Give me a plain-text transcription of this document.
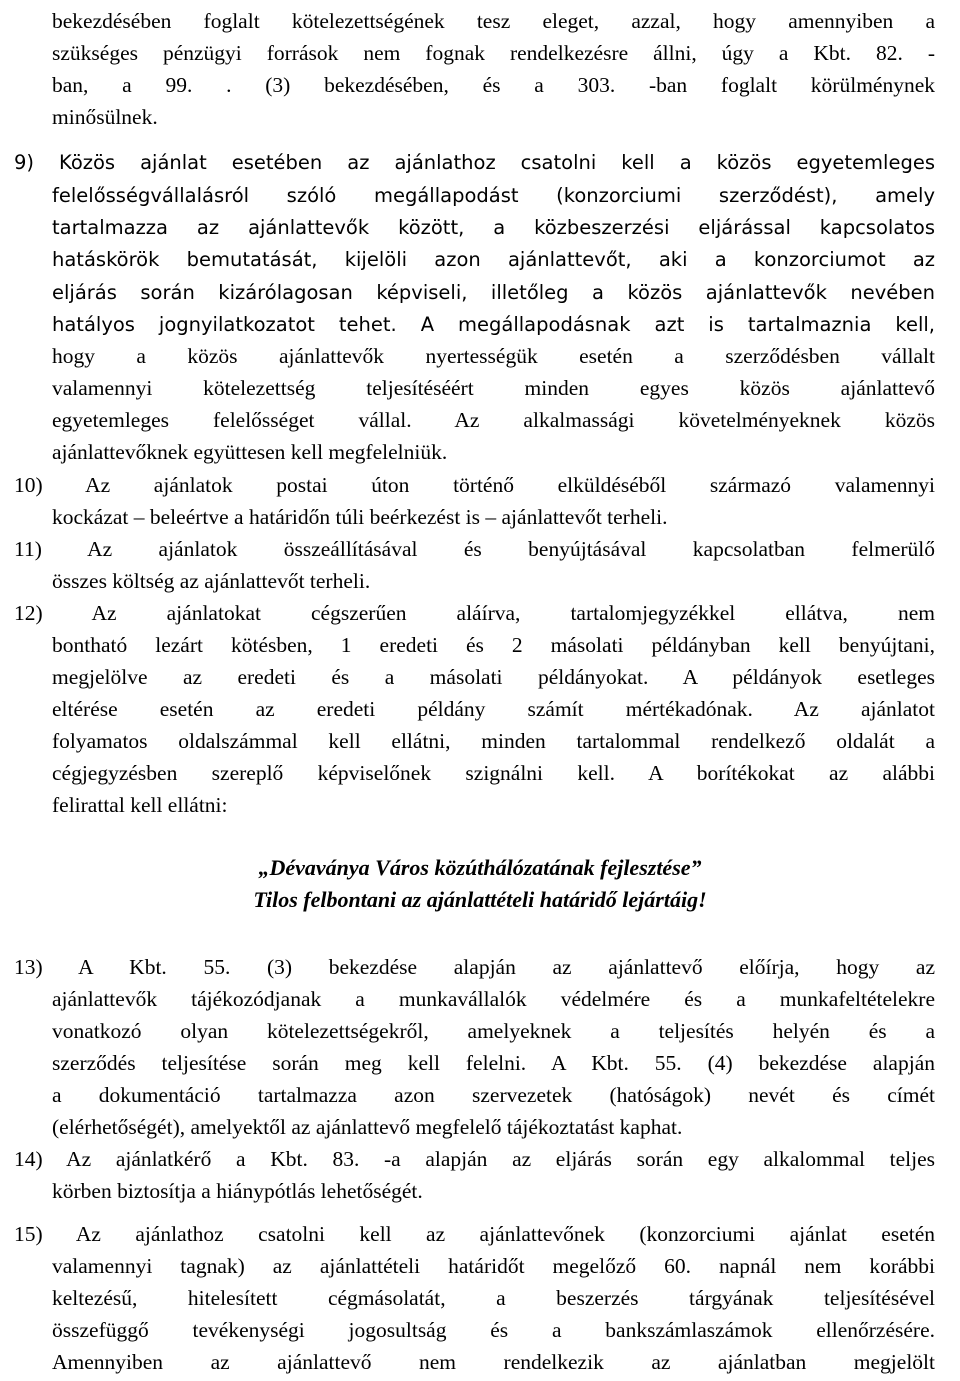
bekezdésében foglalt kötelezettségének tesz eleget, azzal, hogy amennyiben a

szükséges pénzügyi források nem fognak rendelkezésre állni, úgy a Kbt. 82. -

ban, a 99. . (3) bekezdésében, és a 303. -ban foglalt körülménynek

minősülnek.

9) Közös ajánlat esetében az ajánlathoz csatolni kell a közös egyetemleges

felelősségvállalásról szóló megállapodást (konzorciumi szerződést), amely

tartalmazza az ajánlattevők között, a közbeszerzési eljárással kapcsolatos

hatáskörök bemutatását, kijelöli azon ajánlattevőt, aki a konzorciumot az

eljárás során kizárólagosan képviseli, illetőleg a közös ajánlattevők nevében

hatályos jognyilatkozatot tehet. A megállapodásnak azt is tartalmaznia kell,

hogy a közös ajánlattevők nyertességük esetén a szerződésben vállalt

valamennyi kötelezettség teljesítéséért minden egyes közös ajánlattevő

egyetemleges felelősséget vállal. Az alkalmassági követelményeknek közös

ajánlattevőknek együttesen kell megfelelniük.

10) Az ajánlatok postai úton történő elküldéséből származó valamennyi

kockázat – beleértve a határidőn túli beérkezést is – ajánlattevőt terheli.

11) Az ajánlatok összeállításával és benyújtásával kapcsolatban felmerülő

összes költség az ajánlattevőt terheli.

12) Az ajánlatokat cégszerűen aláírva, tartalomjegyzékkel ellátva, nem

bontható lezárt kötésben, 1 eredeti és 2 másolati példányban kell benyújtani,

megjelölve az eredeti és a másolati példányokat. A példányok esetleges

eltérése esetén az eredeti példány számít mértékadónak. Az ajánlatot

folyamatos oldalszámmal kell ellátni, minden tartalommal rendelkező oldalát a

cégjegyzésben szereplő képviselőnek szignálni kell. A borítékokat az alábbi

felirattal kell ellátni:

„Dévaványa Város közúthálózatának fejlesztése”

Tilos felbontani az ajánlattételi határidő lejártáig!

13) A Kbt. 55. (3) bekezdése alapján az ajánlattevő előírja, hogy az

ajánlattevők tájékozódjanak a munkavállalók védelmére és a munkafeltételekre

vonatkozó olyan kötelezettségekről, amelyeknek a teljesítés helyén és a

szerződés teljesítése során meg kell felelni. A Kbt. 55. (4) bekezdése alapján

a dokumentáció tartalmazza azon szervezetek (hatóságok) nevét és címét

(elérhetőségét), amelyektől az ajánlattevő megfelelő tájékoztatást kaphat.

14) Az ajánlatkérő a Kbt. 83. -a alapján az eljárás során egy alkalommal teljes

körben biztosítja a hiánypótlás lehetőségét.

15) Az ajánlathoz csatolni kell az ajánlattevőnek (konzorciumi ajánlat esetén

valamennyi tagnak) az ajánlattételi határidőt megelőző 60. napnál nem korábbi

keltezésű, hitelesített cégmásolatát, a beszerzés tárgyának teljesítésével

összefüggő tevékenységi jogosultság és a bankszámlaszámok ellenőrzésére.

Amennyiben az ajánlattevő nem rendelkezik az ajánlatban megjelölt
